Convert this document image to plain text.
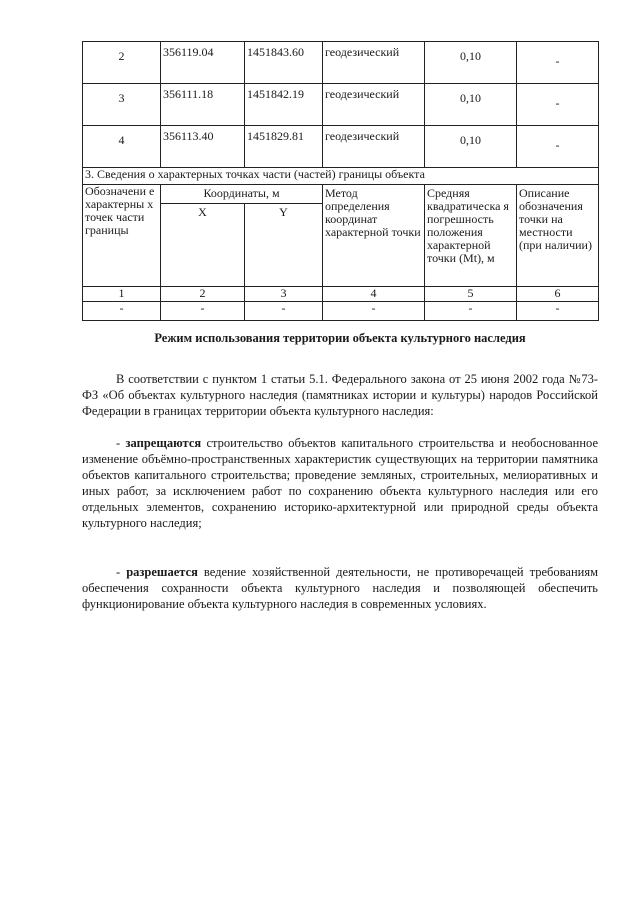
2	356119.04	1451843.60	геодезический	0,10	-
3	356111.18	1451842.19	геодезический	0,10	-
4	356113.40	1451829.81	геодезический	0,10	-
3. Сведения о характерных точках части (частей) границы объекта					
Обозначени е характерны х точек части границы	Координаты, м		Метод определения координат характерной точки	Средняя квадратическа я погрешность положения характерной точки (Mt), м	Описание обозначения точки на местности (при наличии)
	X	Y			
1	2	3	4	5	6
-	-	-	-	-	-
Режим использования территории объекта культурного наследия
В соответствии с пунктом 1 статьи 5.1. Федерального закона от 25 июня 2002 года №73-ФЗ «Об объектах культурного наследия (памятниках истории и культуры) народов Российской Федерации в границах территории объекта культурного наследия:
- запрещаются строительство объектов капитального строительства и необоснованное изменение объёмно-пространственных характеристик существующих на территории памятника объектов капитального строительства; проведение земляных, строительных, мелиоративных и иных работ, за исключением работ по сохранению объекта культурного наследия или его отдельных элементов, сохранению историко-архитектурной или природной среды объекта культурного наследия;
- разрешается ведение хозяйственной деятельности, не противоречащей требованиям обеспечения сохранности объекта культурного наследия и позволяющей обеспечить функционирование объекта культурного наследия в современных условиях.
